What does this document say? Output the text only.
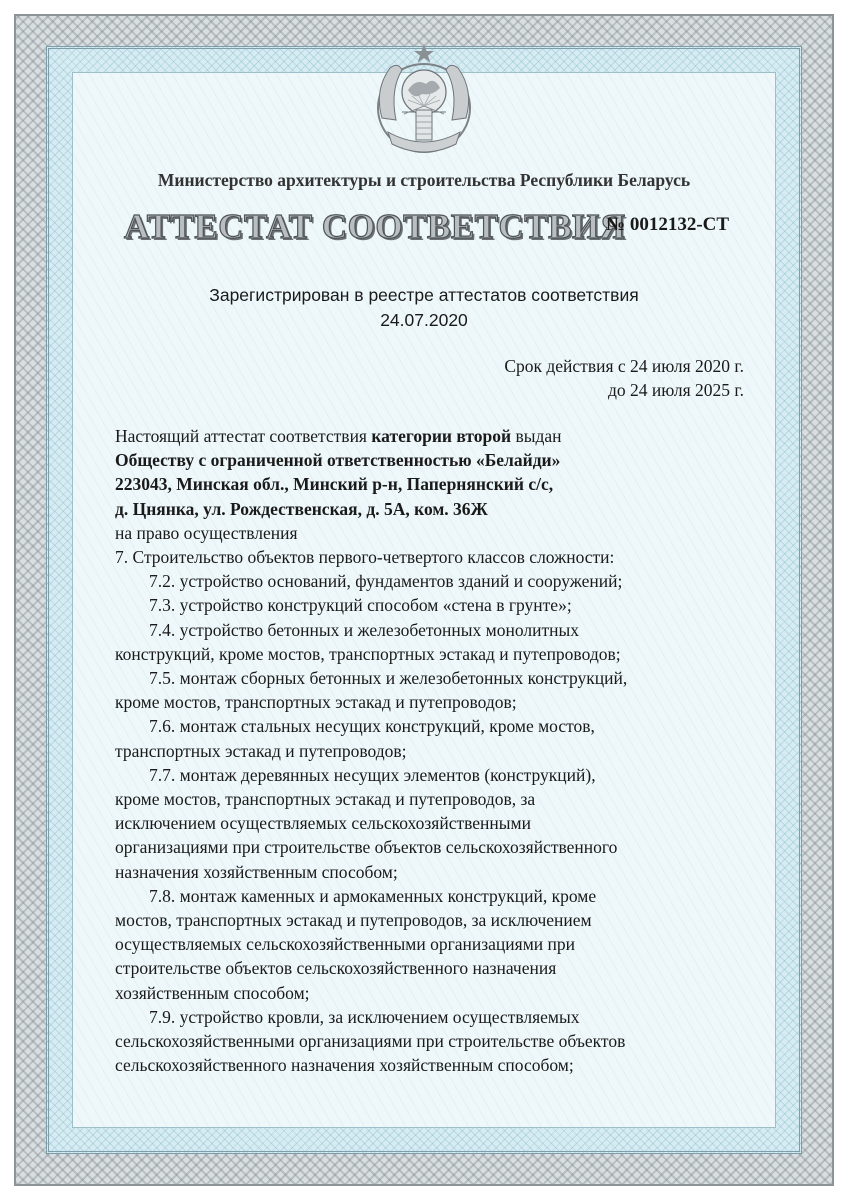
Министерство архитектуры и строительства Республики Беларусь
АТТЕСТАТ СООТВЕТСТВИЯ
№ 0012132-СТ
Зарегистрирован в реестре аттестатов соответствия
24.07.2020
Срок действия с 24 июля 2020 г.
до 24 июля 2025 г.
Настоящий аттестат соответствия категории второй выдан
Обществу с ограниченной ответственностью «Белайди»
223043, Минская обл., Минский р-н, Папернянский с/с,
д. Цнянка, ул. Рождественская, д. 5А, ком. 36Ж
на право осуществления
7. Строительство объектов первого-четвертого классов сложности:
7.2. устройство оснований, фундаментов зданий и сооружений;
7.3. устройство конструкций способом «стена в грунте»;
7.4. устройство бетонных и железобетонных монолитных
конструкций, кроме мостов, транспортных эстакад и путепроводов;
7.5. монтаж сборных бетонных и железобетонных конструкций,
кроме мостов, транспортных эстакад и путепроводов;
7.6. монтаж стальных несущих конструкций, кроме мостов,
транспортных эстакад и путепроводов;
7.7. монтаж деревянных несущих элементов (конструкций),
кроме мостов, транспортных эстакад и путепроводов, за
исключением осуществляемых сельскохозяйственными
организациями при строительстве объектов сельскохозяйственного
назначения хозяйственным способом;
7.8. монтаж каменных и армокаменных конструкций, кроме
мостов, транспортных эстакад и путепроводов, за исключением
осуществляемых сельскохозяйственными организациями при
строительстве объектов сельскохозяйственного назначения
хозяйственным способом;
7.9. устройство кровли, за исключением осуществляемых
сельскохозяйственными организациями при строительстве объектов
сельскохозяйственного назначения хозяйственным способом;
